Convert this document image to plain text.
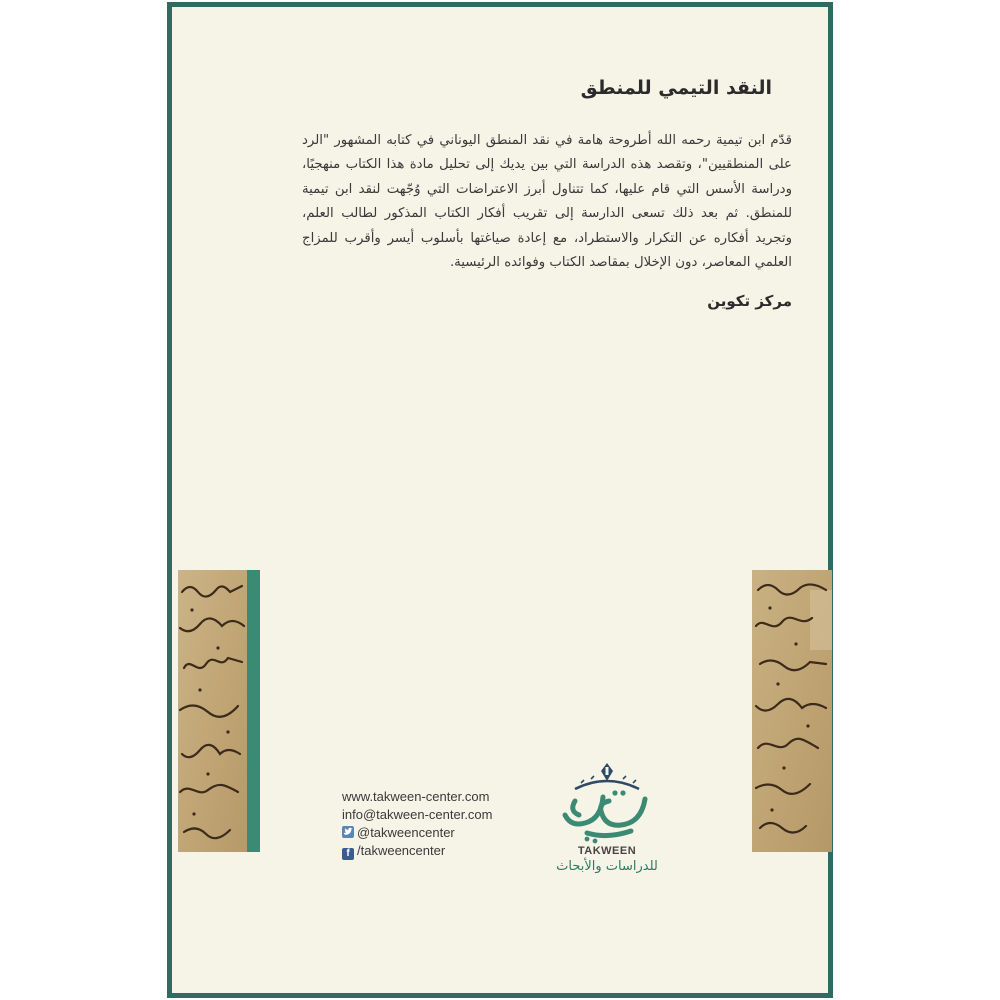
النقد التيمي للمنطق

قدّم ابن تيمية رحمه الله أطروحة هامة في نقد المنطق اليوناني في كتابه المشهور "الرد على المنطقيين"، وتقصد هذه الدراسة التي بين يديك إلى تحليل مادة هذا الكتاب منهجيًا، ودراسة الأسس التي قام عليها، كما تتناول أبرز الاعتراضات التي وُجّهت لنقد ابن تيمية للمنطق. ثم بعد ذلك تسعى الدارسة إلى تقريب أفكار الكتاب المذكور لطالب العلم، وتجريد أفكاره عن التكرار والاستطراد، مع إعادة صياغتها بأسلوب أيسر وأقرب للمزاج العلمي المعاصر، دون الإخلال بمقاصد الكتاب وفوائده الرئيسية.

مركز تكوين

www.takween-center.com
info@takween-center.com
@takweencenter
f /takweencenter	TAKWEEN
للدراسات والأبحاث
